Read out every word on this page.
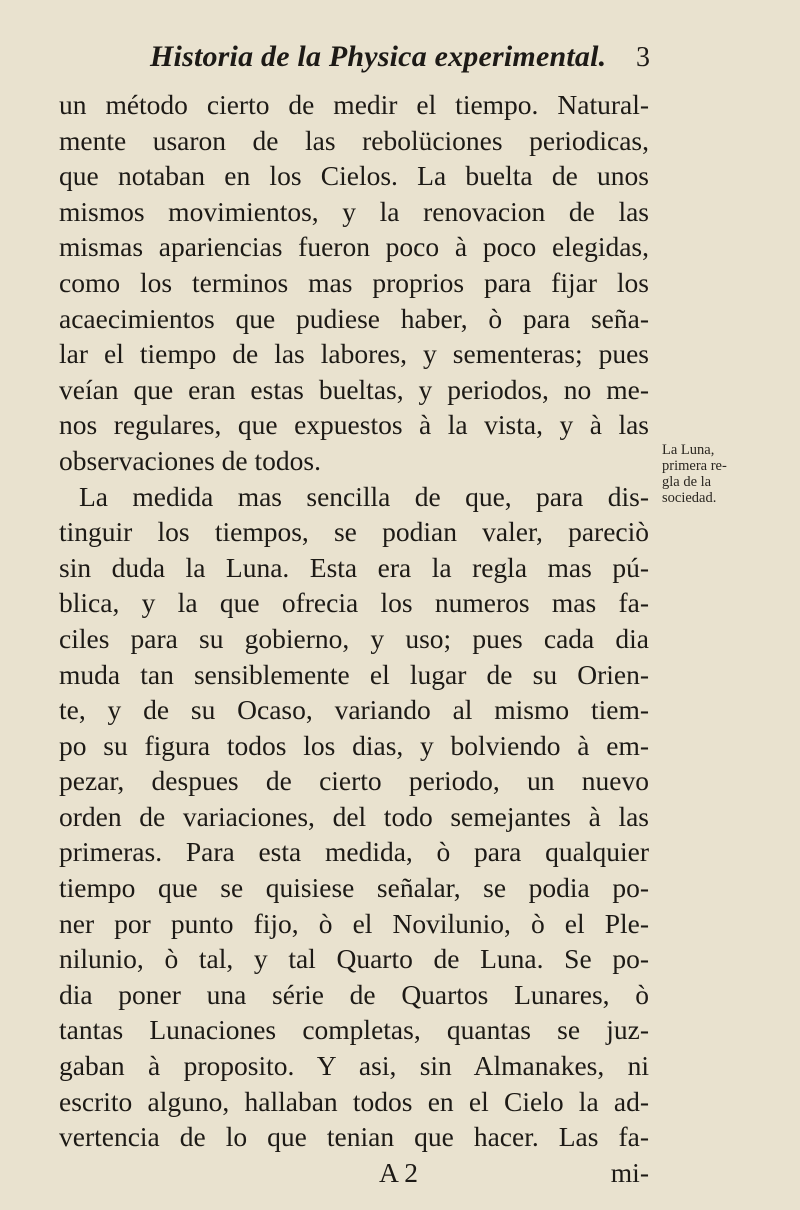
Historia de la Physica experimental. 3
un método cierto de medir el tiempo. Natural-
mente usaron de las rebolüciones periodicas,
que notaban en los Cielos. La buelta de unos
mismos movimientos, y la renovacion de las
mismas apariencias fueron poco à poco elegidas,
como los terminos mas proprios para fijar los
acaecimientos que pudiese haber, ò para seña-
lar el tiempo de las labores, y sementeras; pues
veían que eran estas bueltas, y periodos, no me-
nos regulares, que expuestos à la vista, y à las
observaciones de todos.
La medida mas sencilla de que, para dis-
tinguir los tiempos, se podian valer, pareciò
sin duda la Luna. Esta era la regla mas pú-
blica, y la que ofrecia los numeros mas fa-
ciles para su gobierno, y uso; pues cada dia
muda tan sensiblemente el lugar de su Orien-
te, y de su Ocaso, variando al mismo tiem-
po su figura todos los dias, y bolviendo à em-
pezar, despues de cierto periodo, un nuevo
orden de variaciones, del todo semejantes à las
primeras. Para esta medida, ò para qualquier
tiempo que se quisiese señalar, se podia po-
ner por punto fijo, ò el Novilunio, ò el Ple-
nilunio, ò tal, y tal Quarto de Luna. Se po-
dia poner una série de Quartos Lunares, ò
tantas Lunaciones completas, quantas se juz-
gaban à proposito. Y asi, sin Almanakes, ni
escrito alguno, hallaban todos en el Cielo la ad-
vertencia de lo que tenian que hacer. Las fa-
A 2	mi-
La Luna,
primera re-
gla de la
sociedad.
